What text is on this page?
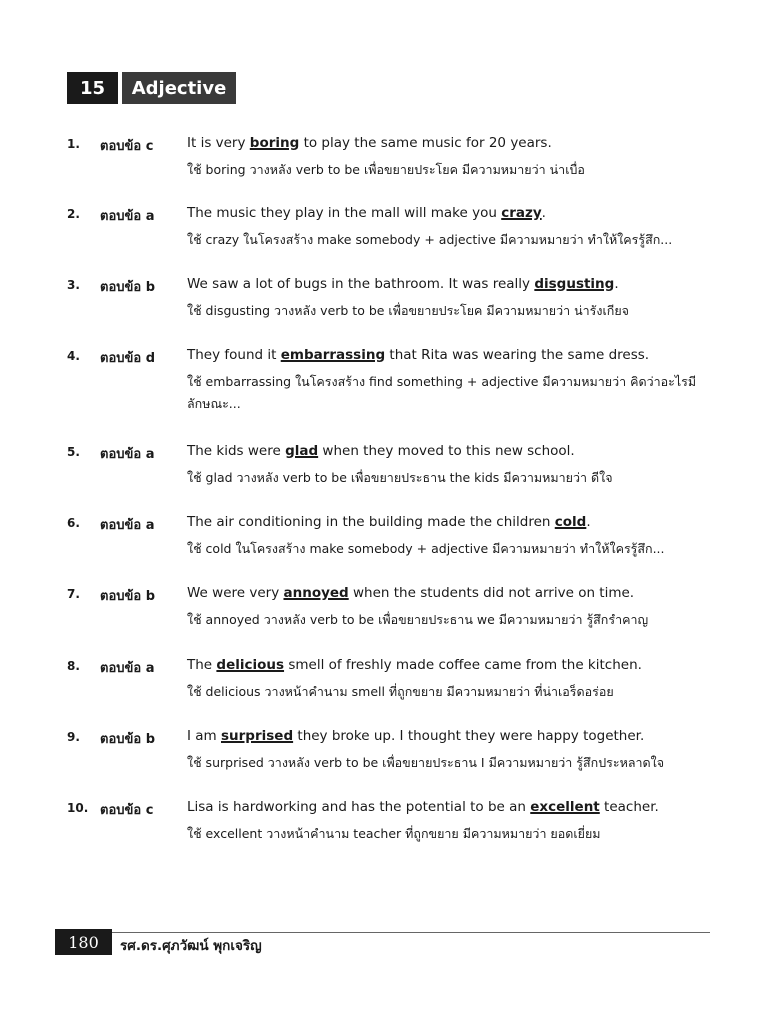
15	Adjective
1. ตอบข้อ c It is very boring to play the same music for 20 years.
ใช้ boring วางหลัง verb to be เพื่อขยายประโยค มีความหมายว่า น่าเบื่อ
2. ตอบข้อ a The music they play in the mall will make you crazy.
ใช้ crazy ในโครงสร้าง make somebody + adjective มีความหมายว่า ทำให้ใครรู้สึก...
3. ตอบข้อ b We saw a lot of bugs in the bathroom. It was really disgusting.
ใช้ disgusting วางหลัง verb to be เพื่อขยายประโยค มีความหมายว่า น่ารังเกียจ
4. ตอบข้อ d They found it embarrassing that Rita was wearing the same dress.
ใช้ embarrassing ในโครงสร้าง find something + adjective มีความหมายว่า คิดว่าอะไรมีลักษณะ...
5. ตอบข้อ a The kids were glad when they moved to this new school.
ใช้ glad วางหลัง verb to be เพื่อขยายประธาน the kids มีความหมายว่า ดีใจ
6. ตอบข้อ a The air conditioning in the building made the children cold.
ใช้ cold ในโครงสร้าง make somebody + adjective มีความหมายว่า ทำให้ใครรู้สึก...
7. ตอบข้อ b We were very annoyed when the students did not arrive on time.
ใช้ annoyed วางหลัง verb to be เพื่อขยายประธาน we มีความหมายว่า รู้สึกรำคาญ
8. ตอบข้อ a The delicious smell of freshly made coffee came from the kitchen.
ใช้ delicious วางหน้าคำนาม smell ที่ถูกขยาย มีความหมายว่า ที่น่าเอร็ดอร่อย
9. ตอบข้อ b I am surprised they broke up. I thought they were happy together.
ใช้ surprised วางหลัง verb to be เพื่อขยายประธาน I มีความหมายว่า รู้สึกประหลาดใจ
10. ตอบข้อ c Lisa is hardworking and has the potential to be an excellent teacher.
ใช้ excellent วางหน้าคำนาม teacher ที่ถูกขยาย มีความหมายว่า ยอดเยี่ยม
180	รศ.ดร.ศุภวัฒน์ พุกเจริญ
